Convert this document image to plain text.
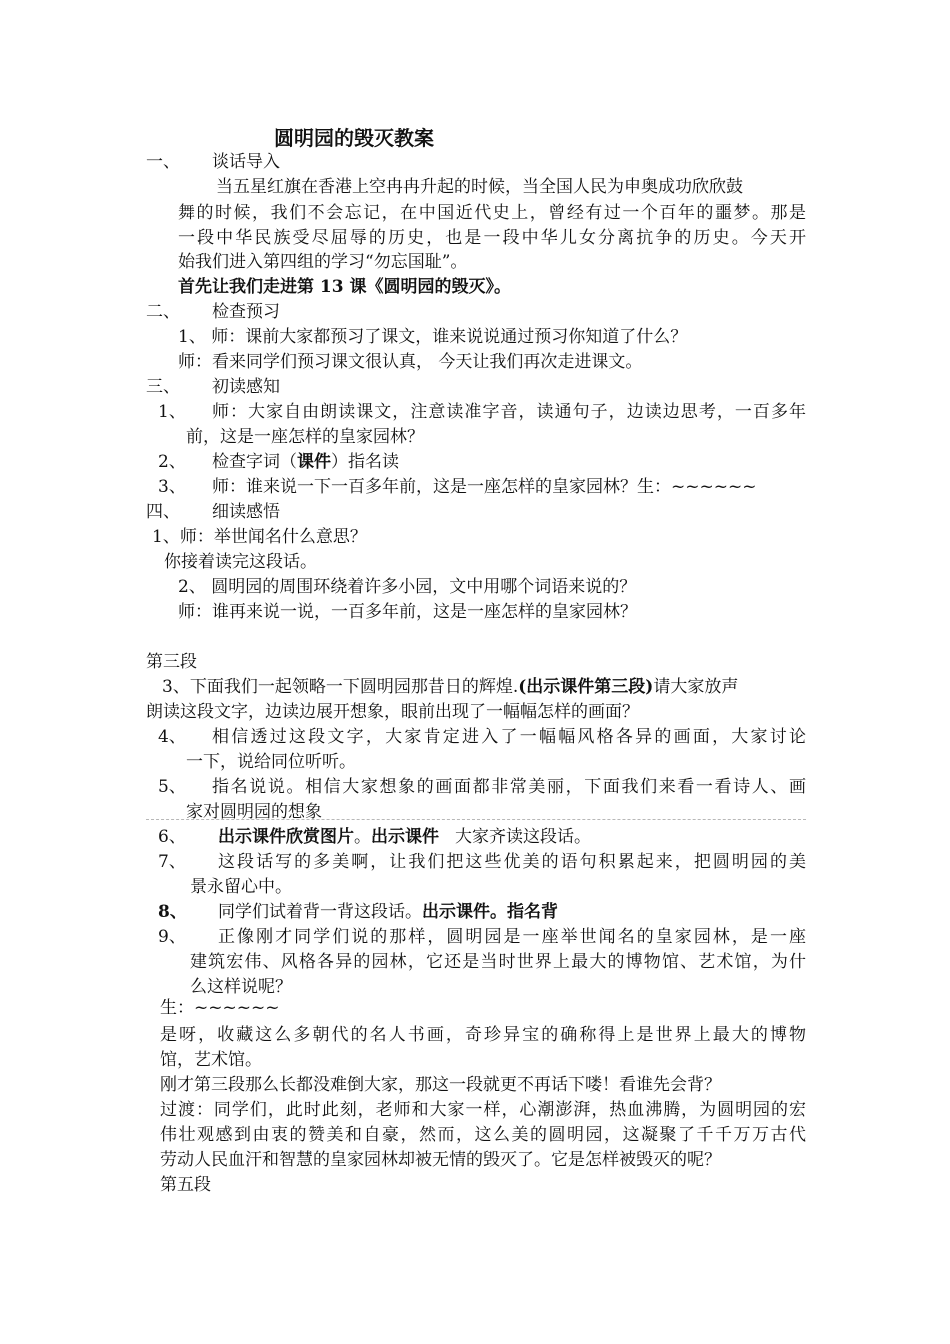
圆明园的毁灭教案
一、 谈话导入
当五星红旗在香港上空冉冉升起的时候，当全国人民为申奥成功欣欣鼓
舞的时候，我们不会忘记，在中国近代史上，曾经有过一个百年的噩梦。那是
一段中华民族受尽屈辱的历史，也是一段中华儿女分离抗争的历史。今天开
始我们进入第四组的学习“勿忘国耻”。
首先让我们走进第 13 课《圆明园的毁灭》。
二、 检查预习
1、 师：课前大家都预习了课文，谁来说说通过预习你知道了什么？
师：看来同学们预习课文很认真， 今天让我们再次走进课文。
三、 初读感知
1、 师：大家自由朗读课文，注意读准字音，读通句子，边读边思考，一百多年
前，这是一座怎样的皇家园林？
2、 检查字词（课件）指名读
3、 师：谁来说一下一百多年前，这是一座怎样的皇家园林？生：~~~~~~
四、 细读感悟
1、师：举世闻名什么意思？
你接着读完这段话。
2、 圆明园的周围环绕着许多小园，文中用哪个词语来说的？
师：谁再来说一说，一百多年前，这是一座怎样的皇家园林？
第三段
3、下面我们一起领略一下圆明园那昔日的辉煌.(出示课件第三段)请大家放声
朗读这段文字，边读边展开想象，眼前出现了一幅幅怎样的画面？
4、 相信透过这段文字，大家肯定进入了一幅幅风格各异的画面，大家讨论
一下，说给同位听听。
5、 指名说说。相信大家想象的画面都非常美丽，下面我们来看一看诗人、画
家对圆明园的想象
6、 出示课件欣赏图片。出示课件 大家齐读这段话。
7、 这段话写的多美啊，让我们把这些优美的语句积累起来，把圆明园的美
景永留心中。
8、 同学们试着背一背这段话。出示课件。指名背
9、 正像刚才同学们说的那样，圆明园是一座举世闻名的皇家园林，是一座
建筑宏伟、风格各异的园林，它还是当时世界上最大的博物馆、艺术馆，为什
么这样说呢？
生：~~~~~~
是呀，收藏这么多朝代的名人书画，奇珍异宝的确称得上是世界上最大的博物
馆，艺术馆。
刚才第三段那么长都没难倒大家，那这一段就更不再话下喽！看谁先会背？
过渡：同学们，此时此刻，老师和大家一样，心潮澎湃，热血沸腾，为圆明园的宏
伟壮观感到由衷的赞美和自豪，然而，这么美的圆明园，这凝聚了千千万万古代
劳动人民血汗和智慧的皇家园林却被无情的毁灭了。它是怎样被毁灭的呢？
第五段
